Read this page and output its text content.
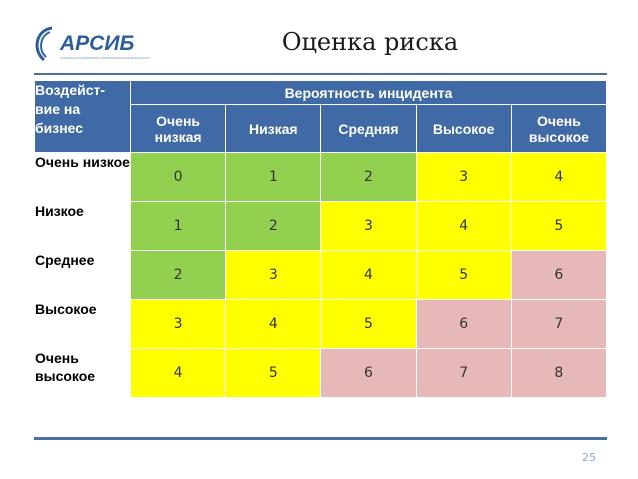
АРСИБ
АССОЦИАЦИЯ РУКОВОДИТЕЛЕЙ СЛУЖБ ИНФОРМАЦИОННОЙ БЕЗОПАСНОСТИ
Оценка риска
Воздейст-вие на бизнес	Вероятность инцидента				
	Очень низкая	Низкая	Средняя	Высокое	Очень высокое
Очень низкое	0	1	2	3	4
Низкое	1	2	3	4	5
Среднее	2	3	4	5	6
Высокое	3	4	5	6	7
Очень высокое	4	5	6	7	8
25
